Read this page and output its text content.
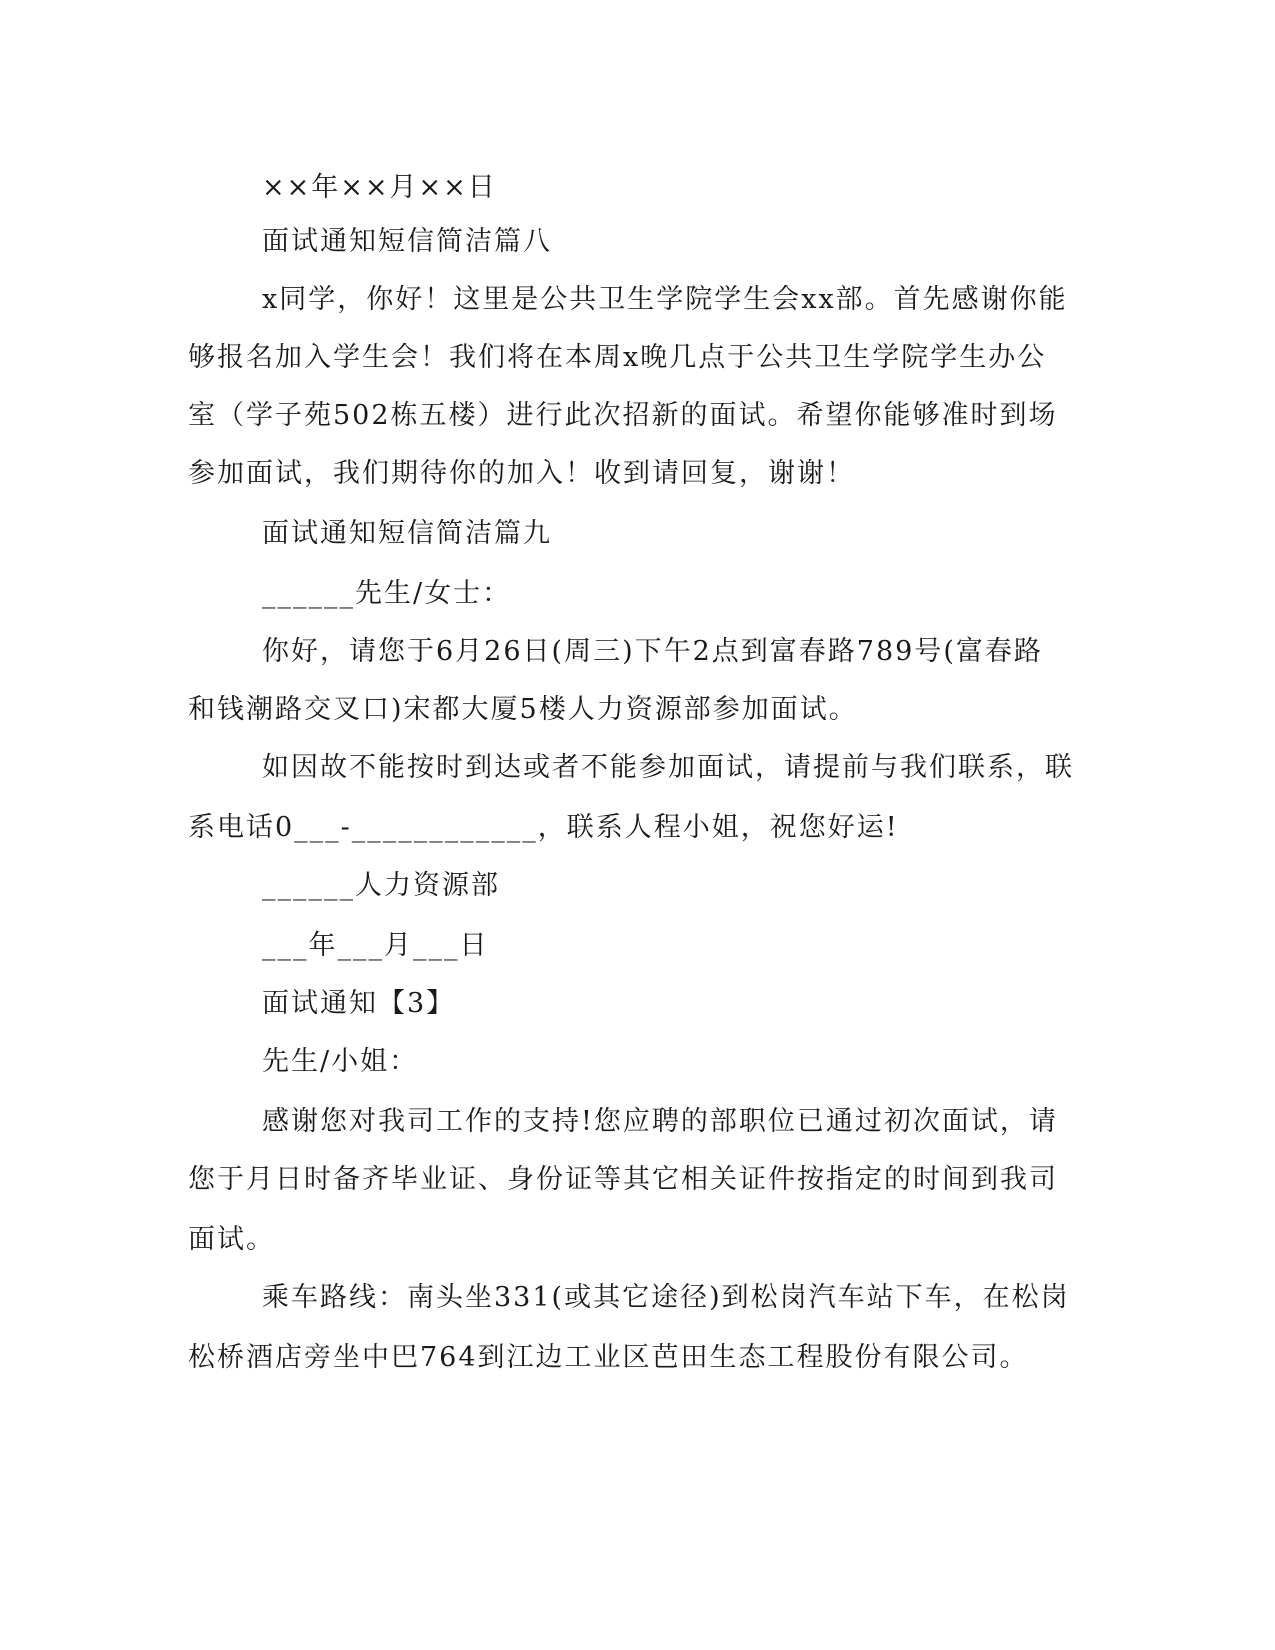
××年××月××日
面试通知短信简洁篇八
x同学，你好！这里是公共卫生学院学生会xx部。首先感谢你能
够报名加入学生会！我们将在本周x晚几点于公共卫生学院学生办公
室（学子苑502栋五楼）进行此次招新的面试。希望你能够准时到场
参加面试，我们期待你的加入！收到请回复，谢谢！
面试通知短信简洁篇九
______先生/女士：
你好，请您于6月26日(周三)下午2点到富春路789号(富春路
和钱潮路交叉口)宋都大厦5楼人力资源部参加面试。
如因故不能按时到达或者不能参加面试，请提前与我们联系，联
系电话0___-____________，联系人程小姐，祝您好运!
______人力资源部
___年___月___日
面试通知【3】
先生/小姐：
感谢您对我司工作的支持!您应聘的部职位已通过初次面试，请
您于月日时备齐毕业证、身份证等其它相关证件按指定的时间到我司
面试。
乘车路线：南头坐331(或其它途径)到松岗汽车站下车，在松岗
松桥酒店旁坐中巴764到江边工业区芭田生态工程股份有限公司。
